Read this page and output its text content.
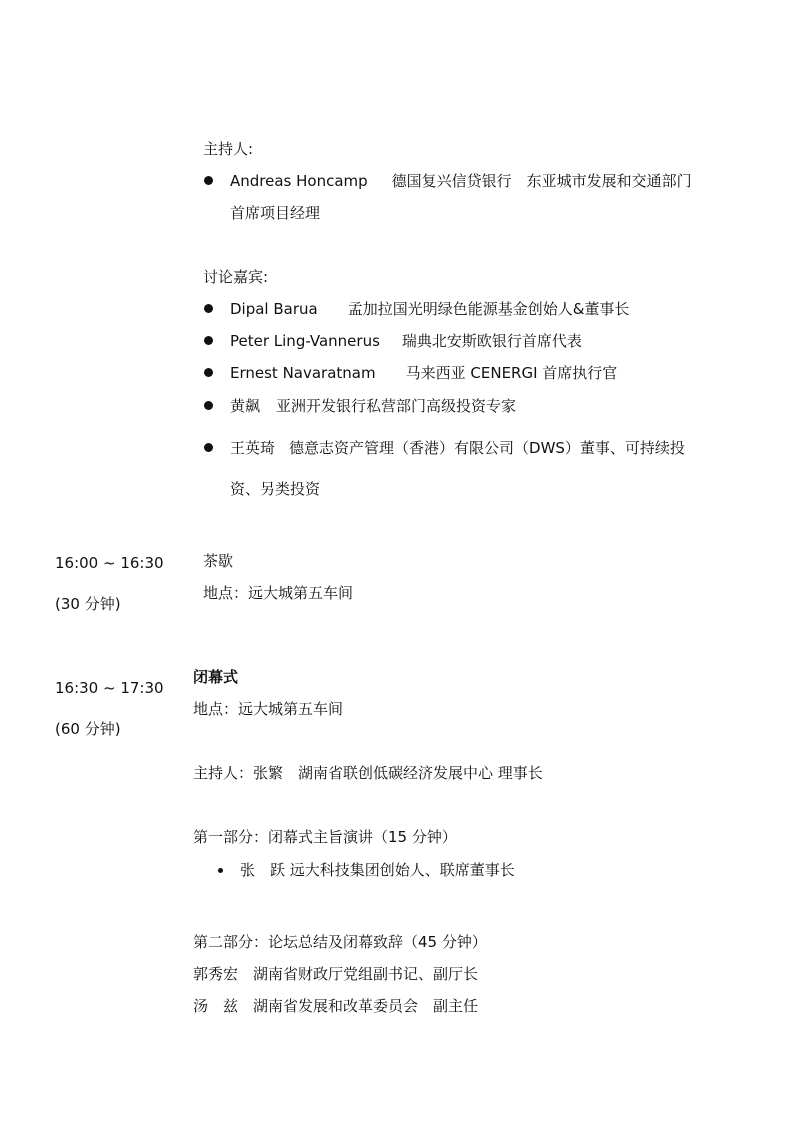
主持人:
Andreas Honcamp 德国复兴信贷银行　东亚城市发展和交通部门
首席项目经理
讨论嘉宾:
Dipal Barua 孟加拉国光明绿色能源基金创始人&董事长
Peter Ling-Vannerus 瑞典北安斯欧银行首席代表
Ernest Navaratnam 马来西亚 CENERGI 首席执行官
黄飙 亚洲开发银行私营部门高级投资专家
王英琦 德意志资产管理（香港）有限公司（DWS）董事、可持续投
资、另类投资
16:00 ~ 16:30
(30 分钟)
茶歇
地点：远大城第五车间
16:30 ~ 17:30
(60 分钟)
闭幕式
地点：远大城第五车间
主持人：张繁　湖南省联创低碳经济发展中心 理事长
第一部分：闭幕式主旨演讲（15 分钟）
张　跃 远大科技集团创始人、联席董事长
第二部分：论坛总结及闭幕致辞（45 分钟）
郭秀宏　湖南省财政厅党组副书记、副厅长
汤　兹　湖南省发展和改革委员会　副主任
